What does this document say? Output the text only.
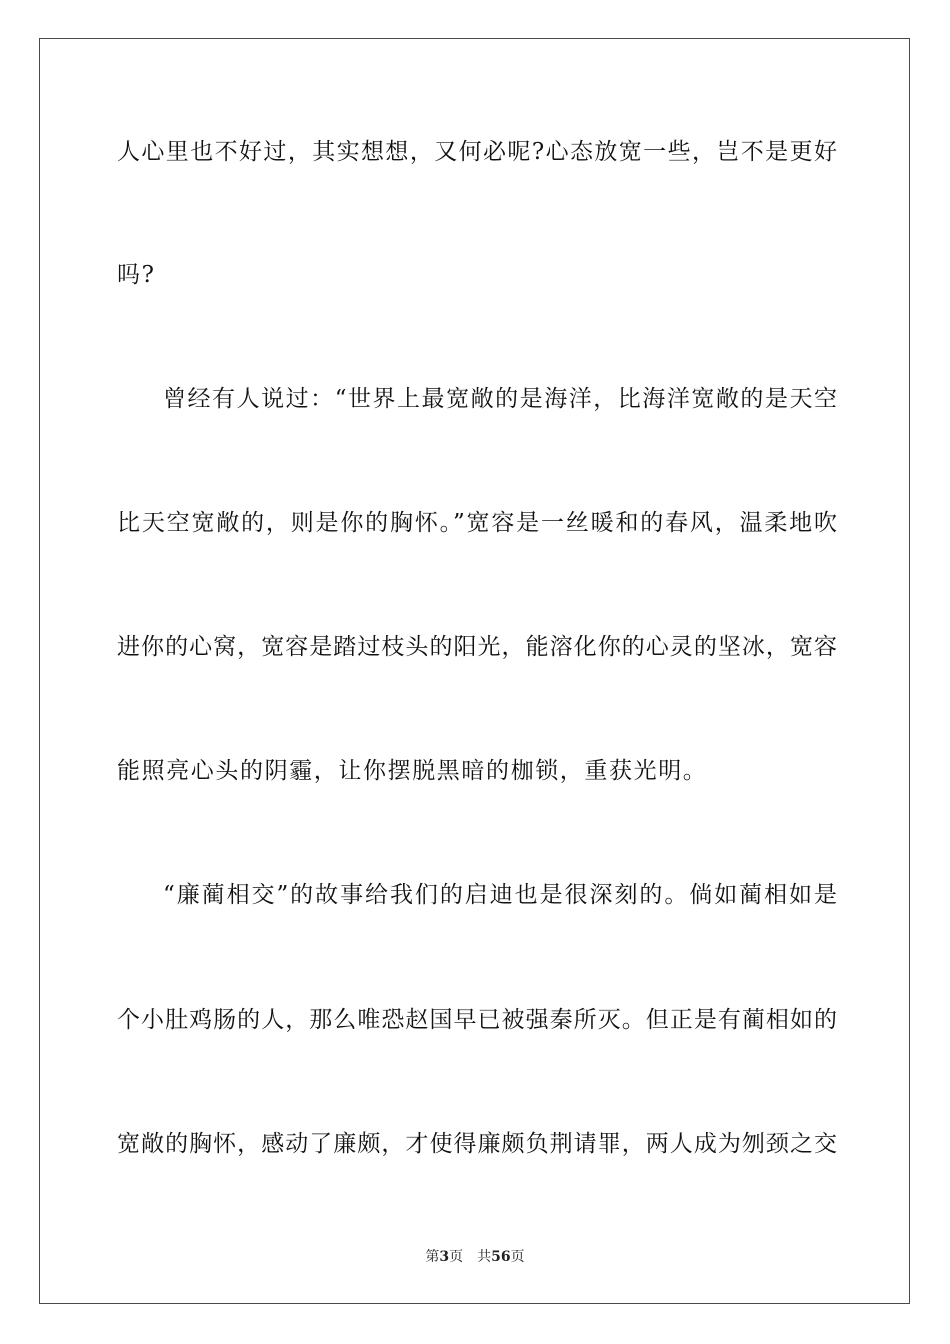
人心里也不好过，其实想想，又何必呢?心态放宽一些，岂不是更好
吗?
曾经有人说过：“世界上最宽敞的是海洋，比海洋宽敞的是天空
比天空宽敞的，则是你的胸怀。”宽容是一丝暖和的春风，温柔地吹
进你的心窝，宽容是踏过枝头的阳光，能溶化你的心灵的坚冰，宽容
能照亮心头的阴霾，让你摆脱黑暗的枷锁，重获光明。
“廉蔺相交”的故事给我们的启迪也是很深刻的。倘如蔺相如是
个小肚鸡肠的人，那么唯恐赵国早已被强秦所灭。但正是有蔺相如的
宽敞的胸怀，感动了廉颇，才使得廉颇负荆请罪，两人成为刎颈之交
第3页 共56页
